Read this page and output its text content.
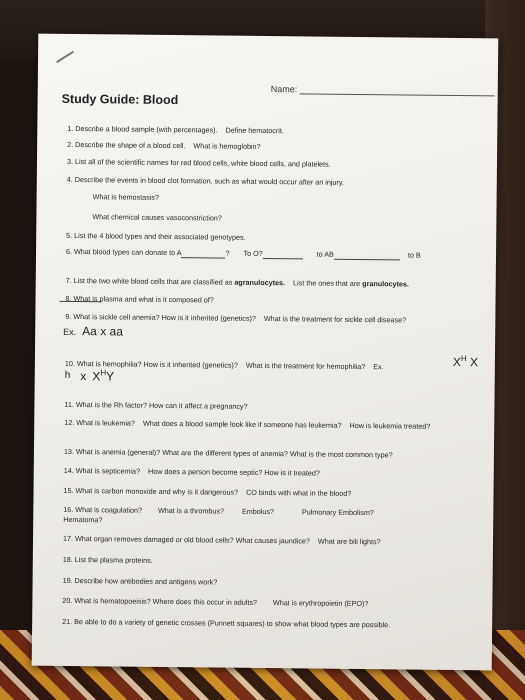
Name:
Study Guide: Blood
1. Describe a blood sample (with percentages). Define hematocrit.
2. Describe the shape of a blood cell. What is hemoglobin?
3. List all of the scientific names for red blood cells, white blood cells, and platelets.
4. Describe the events in blood clot formation, such as what would occur after an injury.
What is hemostasis?
What chemical causes vasoconstriction?
5. List the 4 blood types and their associated genotypes.
6. What blood types can donate to A	? To O?	to AB	to B
7. List the two white blood cells that are classified as agranulocytes. List the ones that are granulocytes.
8. What is plasma and what is it composed of?
9. What is sickle cell anemia? How is it inherited (genetics)? What is the treatment for sickle cell disease?
Ex. Aa x aa
10. What is hemophilia? How is it inherited (genetics)? What is the treatment for hemophilia? Ex.	$X^H$ X
h x $X^HY$
11. What is the Rh factor? How can it affect a pregnancy?
12. What is leukemia? What does a blood sample look like if someone has leukemia? How is leukemia treated?
13. What is anemia (general)? What are the different types of anemia? What is the most common type?
14. What is septicemia? How does a person become septic? How is it treated?
15. What is carbon monoxide and why is it dangerous? CO binds with what in the blood?
16. What is coagulation? What is a thrombus? Embolus?	Pulmonary Embolism?
Hematoma?
17. What organ removes damaged or old blood cells? What causes jaundice? What are bili lights?
18. List the plasma proteins.
19. Describe how antibodies and antigens work?
20. What is hematopoeisis? Where does this occur in adults? What is erythropoietin (EPO)?
21. Be able to do a variety of genetic crosses (Punnett squares) to show what blood types are possible.
